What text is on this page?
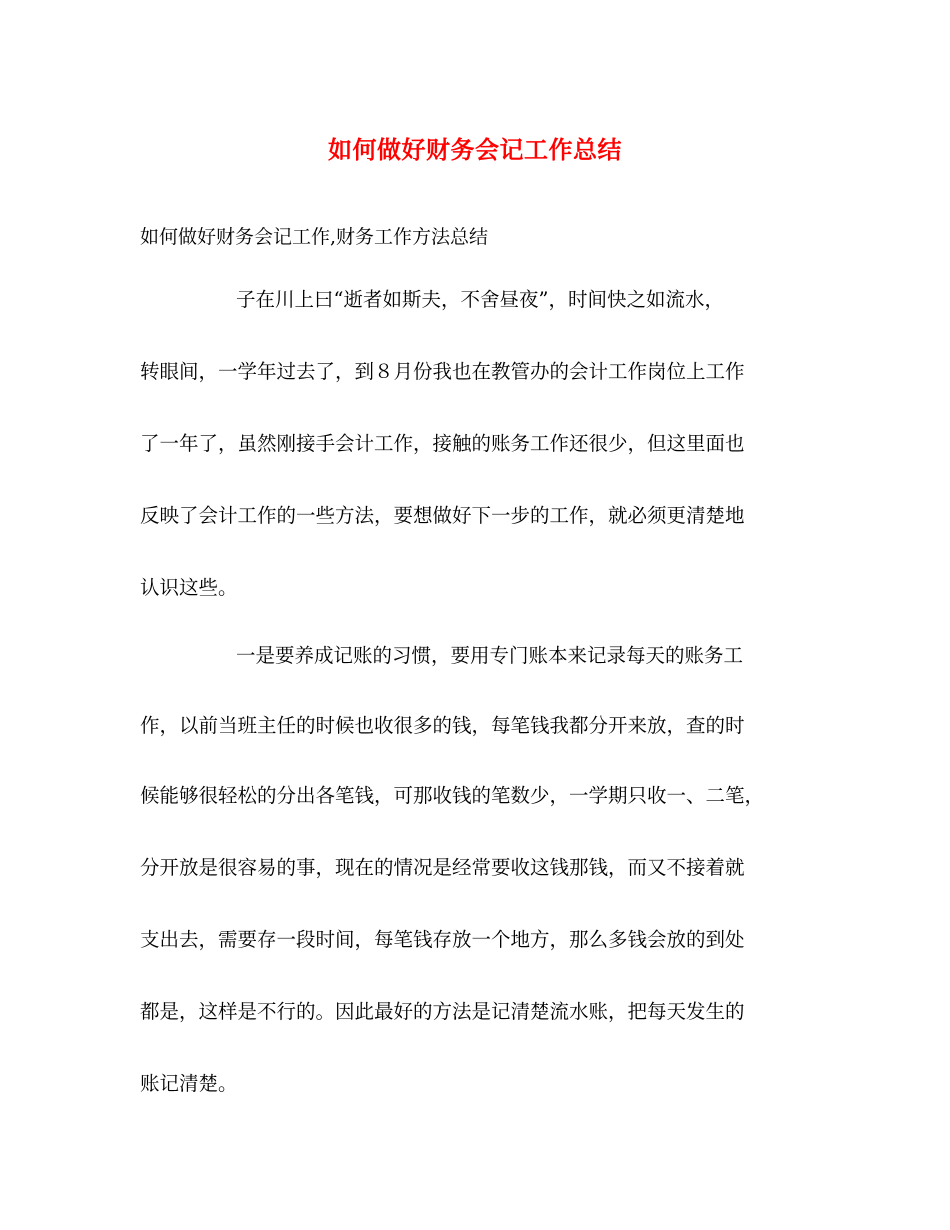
如何做好财务会记工作总结
如何做好财务会记工作,财务工作方法总结
子在川上曰“逝者如斯夫，不舍昼夜”，时间快之如流水，
转眼间，一学年过去了，到８月份我也在教管办的会计工作岗位上工作
了一年了，虽然刚接手会计工作，接触的账务工作还很少，但这里面也
反映了会计工作的一些方法，要想做好下一步的工作，就必须更清楚地
认识这些。
一是要养成记账的习惯，要用专门账本来记录每天的账务工
作，以前当班主任的时候也收很多的钱，每笔钱我都分开来放，查的时
候能够很轻松的分出各笔钱，可那收钱的笔数少，一学期只收一、二笔，
分开放是很容易的事，现在的情况是经常要收这钱那钱，而又不接着就
支出去，需要存一段时间，每笔钱存放一个地方，那么多钱会放的到处
都是，这样是不行的。因此最好的方法是记清楚流水账，把每天发生的
账记清楚。
